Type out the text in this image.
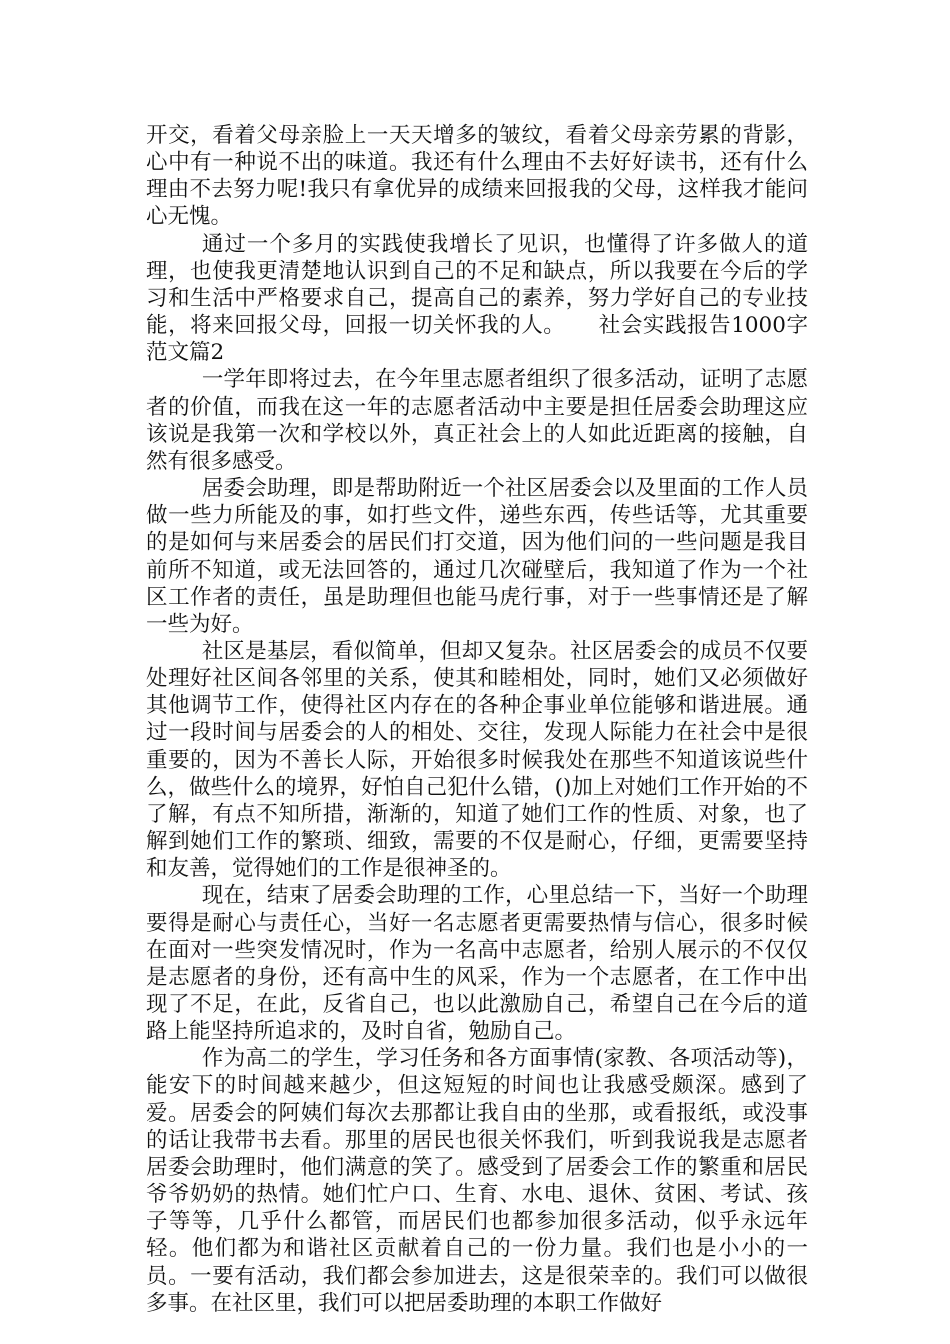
开交，看着父母亲脸上一天天增多的皱纹，看着父母亲劳累的背影，心中有一种说不出的味道。我还有什么理由不去好好读书，还有什么理由不去努力呢!我只有拿优异的成绩来回报我的父母，这样我才能问心无愧。

通过一个多月的实践使我增长了见识，也懂得了许多做人的道理，也使我更清楚地认识到自己的不足和缺点，所以我要在今后的学习和生活中严格要求自己，提高自己的素养，努力学好自己的专业技能，将来回报父母，回报一切关怀我的人。　　社会实践报告1000字范文篇2

一学年即将过去，在今年里志愿者组织了很多活动，证明了志愿者的价值，而我在这一年的志愿者活动中主要是担任居委会助理这应该说是我第一次和学校以外，真正社会上的人如此近距离的接触，自然有很多感受。

居委会助理，即是帮助附近一个社区居委会以及里面的工作人员做一些力所能及的事，如打些文件，递些东西，传些话等，尤其重要的是如何与来居委会的居民们打交道，因为他们问的一些问题是我目前所不知道，或无法回答的，通过几次碰壁后，我知道了作为一个社区工作者的责任，虽是助理但也能马虎行事，对于一些事情还是了解一些为好。

社区是基层，看似简单，但却又复杂。社区居委会的成员不仅要处理好社区间各邻里的关系，使其和睦相处，同时，她们又必须做好其他调节工作，使得社区内存在的各种企事业单位能够和谐进展。通过一段时间与居委会的人的相处、交往，发现人际能力在社会中是很重要的，因为不善长人际，开始很多时候我处在那些不知道该说些什么，做些什么的境界，好怕自己犯什么错，()加上对她们工作开始的不了解，有点不知所措，渐渐的，知道了她们工作的性质、对象，也了解到她们工作的繁琐、细致，需要的不仅是耐心，仔细，更需要坚持和友善，觉得她们的工作是很神圣的。

现在，结束了居委会助理的工作，心里总结一下，当好一个助理要得是耐心与责任心，当好一名志愿者更需要热情与信心，很多时候在面对一些突发情况时，作为一名高中志愿者，给别人展示的不仅仅是志愿者的身份，还有高中生的风采，作为一个志愿者，在工作中出现了不足，在此，反省自己，也以此激励自己，希望自己在今后的道路上能坚持所追求的，及时自省，勉励自己。

作为高二的学生，学习任务和各方面事情(家教、各项活动等)，能安下的时间越来越少，但这短短的时间也让我感受颇深。感到了爱。居委会的阿姨们每次去那都让我自由的坐那，或看报纸，或没事的话让我带书去看。那里的居民也很关怀我们，听到我说我是志愿者居委会助理时，他们满意的笑了。感受到了居委会工作的繁重和居民爷爷奶奶的热情。她们忙户口、生育、水电、退休、贫困、考试、孩子等等，几乎什么都管，而居民们也都参加很多活动，似乎永远年轻。他们都为和谐社区贡献着自己的一份力量。我们也是小小的一员。一要有活动，我们都会参加进去，这是很荣幸的。我们可以做很多事。在社区里，我们可以把居委助理的本职工作做好
